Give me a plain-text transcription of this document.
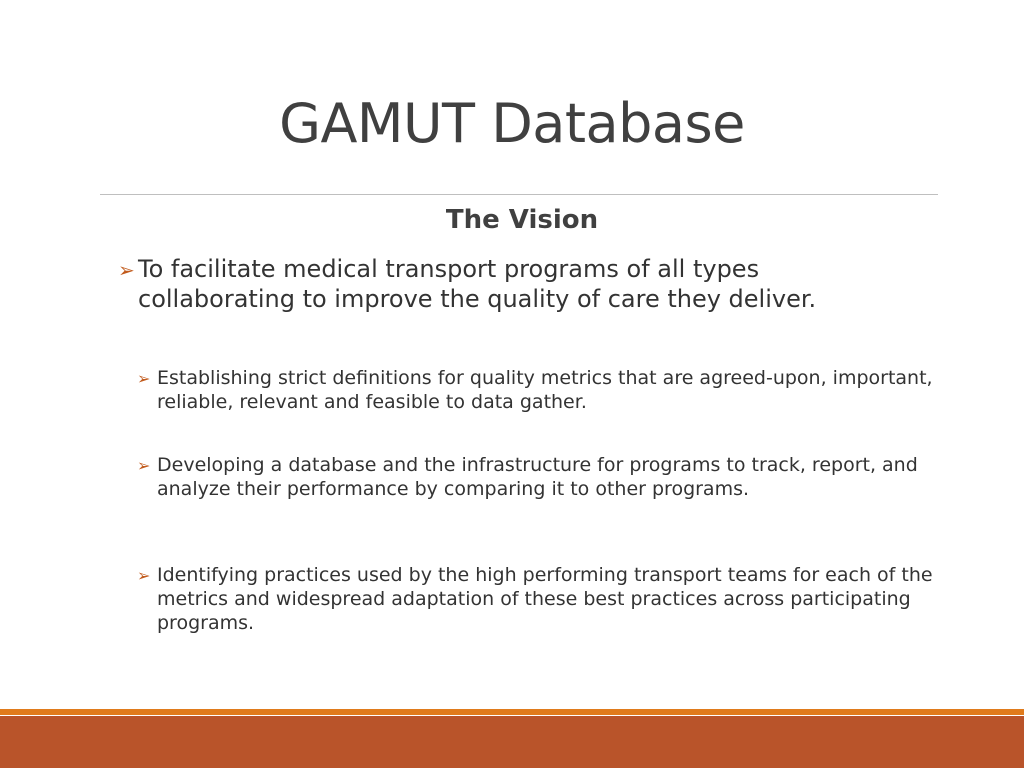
GAMUT Database
The Vision
➢ To facilitate medical transport programs of all types collaborating to improve the quality of care they deliver.
➢ Establishing strict definitions for quality metrics that are agreed-upon, important, reliable, relevant and feasible to data gather.
➢ Developing a database and the infrastructure for programs to track, report, and analyze their performance by comparing it to other programs.
➢ Identifying practices used by the high performing transport teams for each of the metrics and widespread adaptation of these best practices across participating programs.
